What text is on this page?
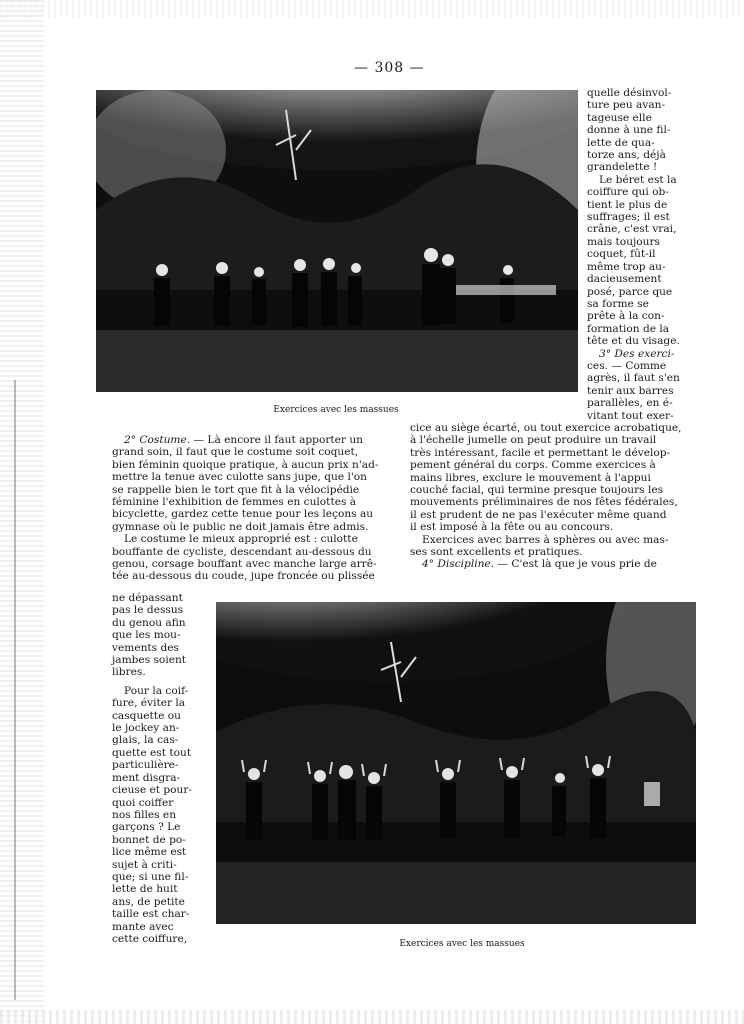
— 308 —
Exercices avec les massues

quelle désinvol-

ture peu avan-

tageuse elle

donne à une fil-

lette de qua-

torze ans, déjà

grandelette !

Le béret est la

coiffure qui ob-

tient le plus de

suffrages; il est

crâne, c'est vrai,

mais toujours

coquet, fût-il

même trop au-

dacieusement

posé, parce que

sa forme se

prête à la con-

formation de la

tête et du visage.

3° Des exerci-

ces. — Comme

agrès, il faut s'en

tenir aux barres

parallèles, en é-

vitant tout exer-

2° Costume. — Là encore il faut apporter un

grand soin, il faut que le costume soit coquet,

bien féminin quoique pratique, à aucun prix n'ad-

mettre la tenue avec culotte sans jupe, que l'on

se rappelle bien le tort que fit à la vélocipédie

féminine l'exhibition de femmes en culottes à

bicyclette, gardez cette tenue pour les leçons au

gymnase où le public ne doit jamais être admis.

Le costume le mieux approprié est : culotte

bouffante de cycliste, descendant au-dessous du

genou, corsage bouffant avec manche large arrê-

tée au-dessous du coude, jupe froncée ou plissée

cice au siège écarté, ou tout exercice acrobatique,

à l'échelle jumelle on peut produire un travail

très intéressant, facile et permettant le dévelop-

pement général du corps. Comme exercices à

mains libres, exclure le mouvement à l'appui

couché facial, qui termine presque toujours les

mouvements préliminaires de nos fêtes fédérales,

il est prudent de ne pas l'exécuter même quand

il est imposé à la fête ou au concours.

Exercices avec barres à sphères ou avec mas-

ses sont excellents et pratiques.

4° Discipline. — C'est là que je vous prie de

ne dépassant

pas le dessus

du genou afin

que les mou-

vements des

jambes soient

libres.

Pour la coif-

fure, éviter la

casquette ou

le jockey an-

glais, la cas-

quette est tout

particulière-

ment disgra-

cieuse et pour-

quoi coiffer

nos filles en

garçons ? Le

bonnet de po-

lice même est

sujet à criti-

que; si une fil-

lette de huit

ans, de petite

taille est char-

mante avec

cette coiffure,	Exercices avec les massues
